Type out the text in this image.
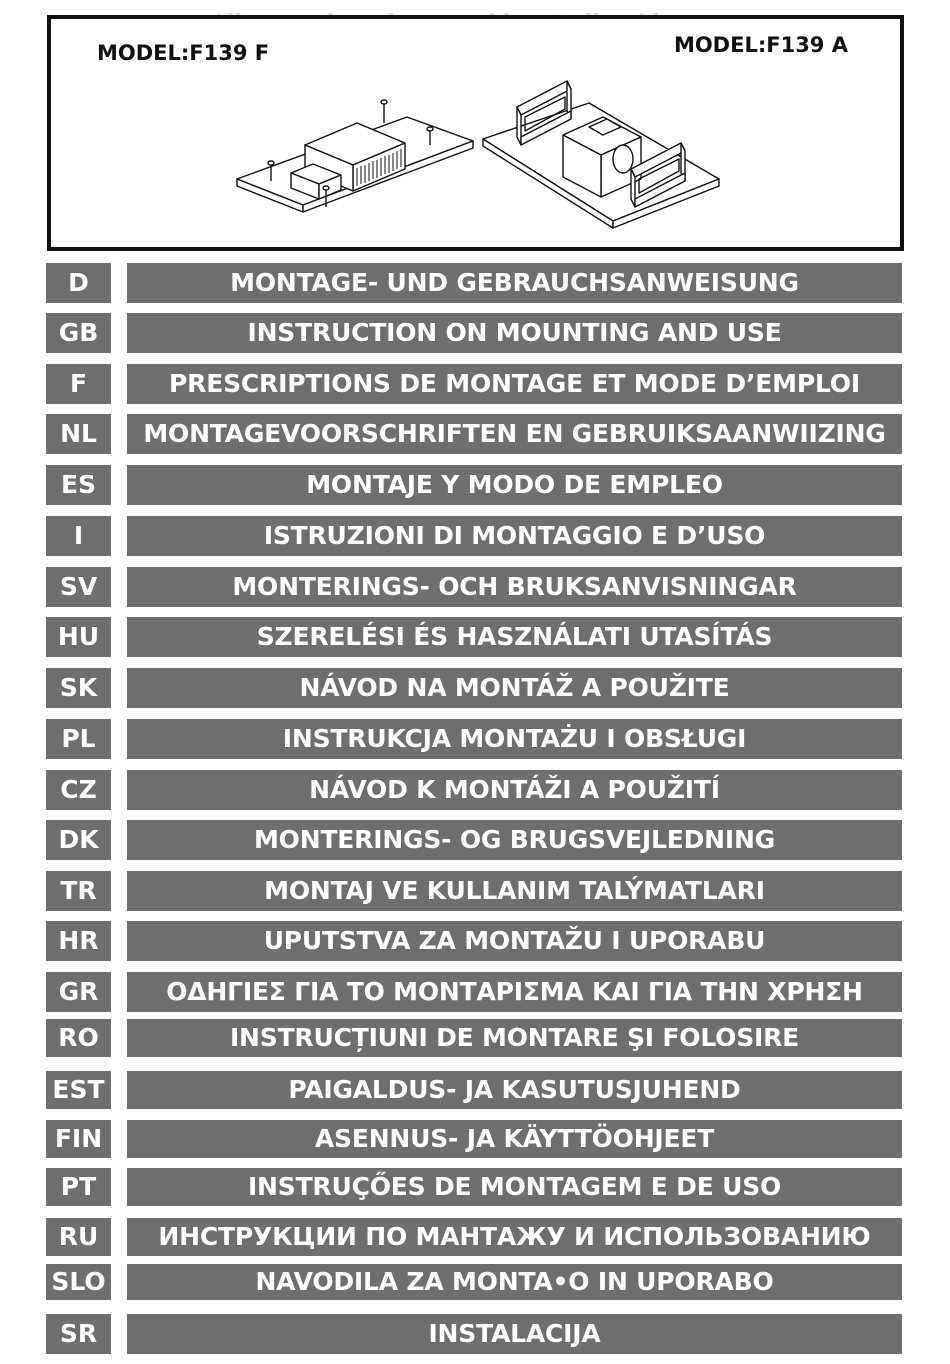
MODEL:F139 F	MODEL:F139 A
D	MONTAGE- UND GEBRAUCHSANWEISUNG
GB	INSTRUCTION ON MOUNTING AND USE
F	PRESCRIPTIONS DE MONTAGE ET MODE D’EMPLOI
NL	MONTAGEVOORSCHRIFTEN EN GEBRUIKSAANWIIZING
ES	MONTAJE Y MODO DE EMPLEO
I	ISTRUZIONI DI MONTAGGIO E D’USO
SV	MONTERINGS- OCH BRUKSANVISNINGAR
HU	SZERELÉSI ÉS HASZNÁLATI UTASÍTÁS
SK	NÁVOD NA MONTÁŽ A POUŽITE
PL	INSTRUKCJA MONTAŻU I OBSŁUGI
CZ	NÁVOD K MONTÁŽI A POUŽITÍ
DK	MONTERINGS- OG BRUGSVEJLEDNING
TR	MONTAJ VE KULLANIM TALÝMATLARI
HR	UPUTSTVA ZA MONTAŽU I UPORABU
GR	ΟΔΗΓΙΕΣ ΓΙΑ ΤΟ ΜΟΝΤΑΡΙΣΜΑ ΚΑΙ ΓΙΑ ΤΗΝ ΧΡΗΣΗ
RO	INSTRUCȚIUNI DE MONTARE ŞI FOLOSIRE
EST	PAIGALDUS- JA KASUTUSJUHEND
FIN	ASENNUS- JA KÄYTTÖOHJEET
PT	INSTRUÇŐES DE MONTAGEM E DE USO
RU	ИНСТРУКЦИИ ПО МАНТАЖУ И ИСПОЛЬЗОВАНИЮ
SLO	NAVODILA ZA MONTA•O IN UPORABO
SR	INSTALACIJA
